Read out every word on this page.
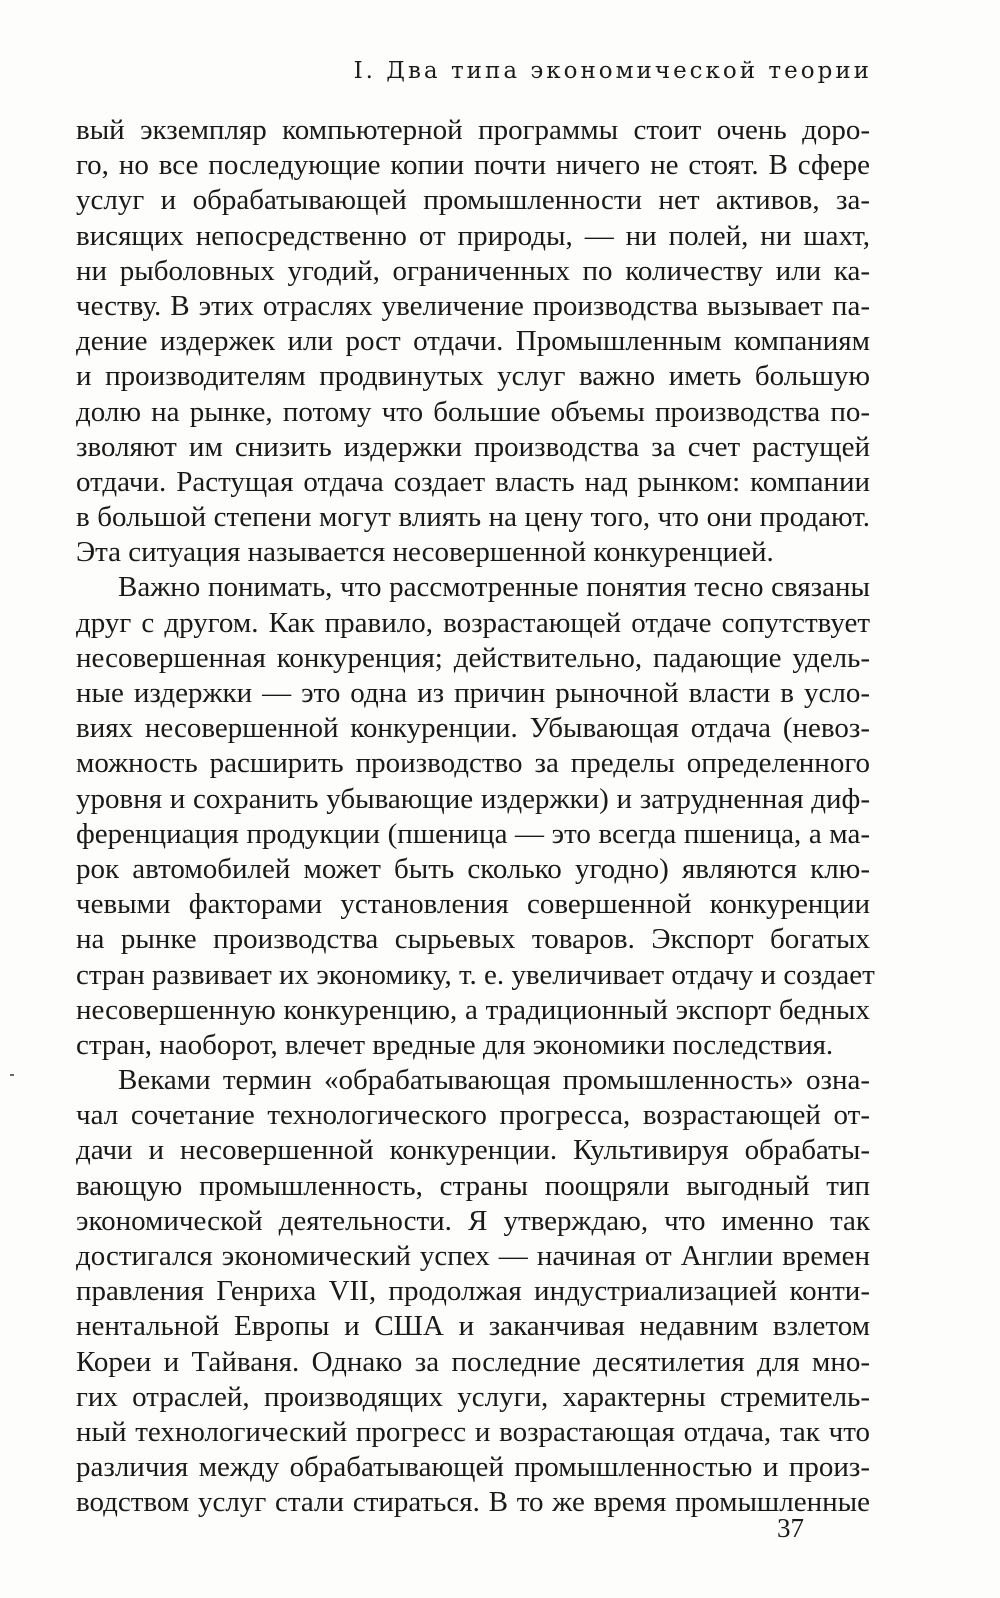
I. Два типа экономической теории
вый экземпляр компьютерной программы стоит очень доро-
го, но все последующие копии почти ничего не стоят. В сфере
услуг и обрабатывающей промышленности нет активов, за-
висящих непосредственно от природы, — ни полей, ни шахт,
ни рыболовных угодий, ограниченных по количеству или ка-
честву. В этих отраслях увеличение производства вызывает па-
дение издержек или рост отдачи. Промышленным компаниям
и производителям продвинутых услуг важно иметь большую
долю на рынке, потому что большие объемы производства по-
зволяют им снизить издержки производства за счет растущей
отдачи. Растущая отдача создает власть над рынком: компании
в большой степени могут влиять на цену того, что они продают.
Эта ситуация называется несовершенной конкуренцией.
Важно понимать, что рассмотренные понятия тесно связаны
друг с другом. Как правило, возрастающей отдаче сопутствует
несовершенная конкуренция; действительно, падающие удель-
ные издержки — это одна из причин рыночной власти в усло-
виях несовершенной конкуренции. Убывающая отдача (невоз-
можность расширить производство за пределы определенного
уровня и сохранить убывающие издержки) и затрудненная диф-
ференциация продукции (пшеница — это всегда пшеница, а ма-
рок автомобилей может быть сколько угодно) являются клю-
чевыми факторами установления совершенной конкуренции
на рынке производства сырьевых товаров. Экспорт богатых
стран развивает их экономику, т. е. увеличивает отдачу и создает
несовершенную конкуренцию, а традиционный экспорт бедных
стран, наоборот, влечет вредные для экономики последствия.
Веками термин «обрабатывающая промышленность» озна-
чал сочетание технологического прогресса, возрастающей от-
дачи и несовершенной конкуренции. Культивируя обрабаты-
вающую промышленность, страны поощряли выгодный тип
экономической деятельности. Я утверждаю, что именно так
достигался экономический успех — начиная от Англии времен
правления Генриха VII, продолжая индустриализацией конти-
нентальной Европы и США и заканчивая недавним взлетом
Кореи и Тайваня. Однако за последние десятилетия для мно-
гих отраслей, производящих услуги, характерны стремитель-
ный технологический прогресс и возрастающая отдача, так что
различия между обрабатывающей промышленностью и произ-
водством услуг стали стираться. В то же время промышленные
37
